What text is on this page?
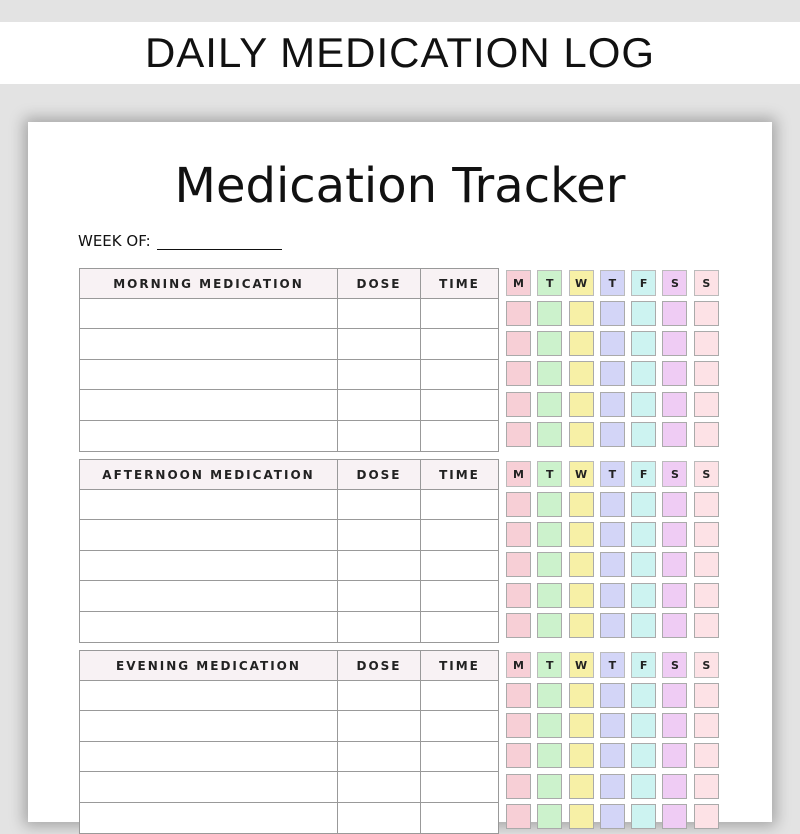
DAILY MEDICATION LOG
Medication Tracker
WEEK OF:
MORNING MEDICATION	DOSE	TIME	M	T	W	T	F	S	S
AFTERNOON MEDICATION	DOSE	TIME	M	T	W	T	F	S	S
EVENING MEDICATION	DOSE	TIME	M	T	W	T	F	S	S
